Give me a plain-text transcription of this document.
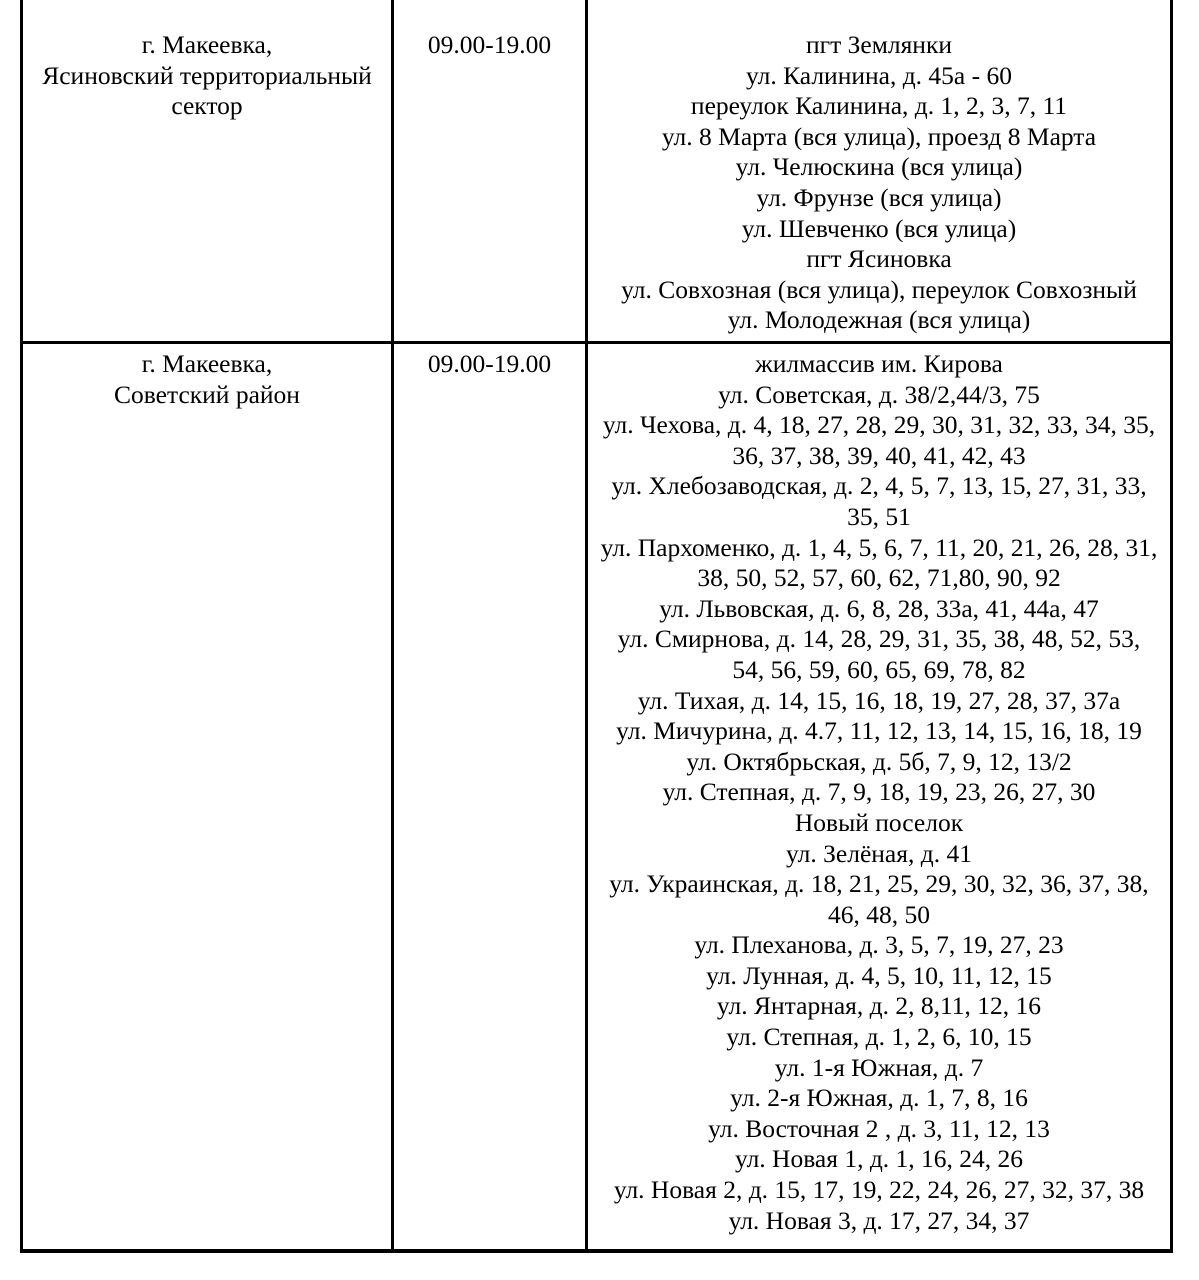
г. Макеевка,
Ясиновский территориальный
сектор
09.00-19.00	пгт Землянки
ул. Калинина, д. 45а - 60
переулок Калинина, д. 1, 2, 3, 7, 11
ул. 8 Марта (вся улица), проезд 8 Марта
ул. Челюскина (вся улица)
ул. Фрунзе (вся улица)
ул. Шевченко (вся улица)
пгт Ясиновка
ул. Совхозная (вся улица), переулок Совхозный
ул. Молодежная (вся улица)
г. Макеевка,
Советский район
09.00-19.00	жилмассив им. Кирова
ул. Советская, д. 38/2,44/3, 75
ул. Чехова, д. 4, 18, 27, 28, 29, 30, 31, 32, 33, 34, 35,
36, 37, 38, 39, 40, 41, 42, 43
ул. Хлебозаводская, д. 2, 4, 5, 7, 13, 15, 27, 31, 33,
35, 51
ул. Пархоменко, д. 1, 4, 5, 6, 7, 11, 20, 21, 26, 28, 31,
38, 50, 52, 57, 60, 62, 71,80, 90, 92
ул. Львовская, д. 6, 8, 28, 33а, 41, 44а, 47
ул. Смирнова, д. 14, 28, 29, 31, 35, 38, 48, 52, 53,
54, 56, 59, 60, 65, 69, 78, 82
ул. Тихая, д. 14, 15, 16, 18, 19, 27, 28, 37, 37а
ул. Мичурина, д. 4.7, 11, 12, 13, 14, 15, 16, 18, 19
ул. Октябрьская, д. 5б, 7, 9, 12, 13/2
ул. Степная, д. 7, 9, 18, 19, 23, 26, 27, 30
Новый поселок
ул. Зелёная, д. 41
ул. Украинская, д. 18, 21, 25, 29, 30, 32, 36, 37, 38,
46, 48, 50
ул. Плеханова, д. 3, 5, 7, 19, 27, 23
ул. Лунная, д. 4, 5, 10, 11, 12, 15
ул. Янтарная, д. 2, 8,11, 12, 16
ул. Степная, д. 1, 2, 6, 10, 15
ул. 1-я Южная, д. 7
ул. 2-я Южная, д. 1, 7, 8, 16
ул. Восточная 2 , д. 3, 11, 12, 13
ул. Новая 1, д. 1, 16, 24, 26
ул. Новая 2, д. 15, 17, 19, 22, 24, 26, 27, 32, 37, 38
ул. Новая 3, д. 17, 27, 34, 37
